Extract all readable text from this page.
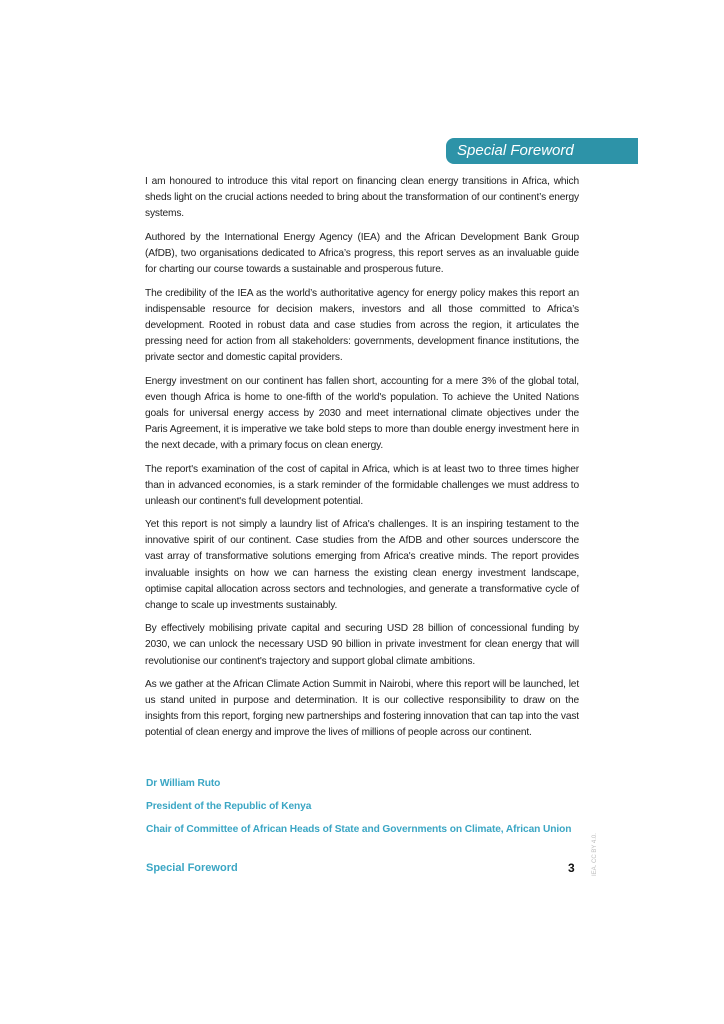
Special Foreword

I am honoured to introduce this vital report on financing clean energy transitions in Africa, which sheds light on the crucial actions needed to bring about the transformation of our continent’s energy systems.

Authored by the International Energy Agency (IEA) and the African Development Bank Group (AfDB), two organisations dedicated to Africa’s progress, this report serves as an invaluable guide for charting our course towards a sustainable and prosperous future.

The credibility of the IEA as the world’s authoritative agency for energy policy makes this report an indispensable resource for decision makers, investors and all those committed to Africa’s development. Rooted in robust data and case studies from across the region, it articulates the pressing need for action from all stakeholders: governments, development finance institutions, the private sector and domestic capital providers.

Energy investment on our continent has fallen short, accounting for a mere 3% of the global total, even though Africa is home to one-fifth of the world's population. To achieve the United Nations goals for universal energy access by 2030 and meet international climate objectives under the Paris Agreement, it is imperative we take bold steps to more than double energy investment here in the next decade, with a primary focus on clean energy.

The report's examination of the cost of capital in Africa, which is at least two to three times higher than in advanced economies, is a stark reminder of the formidable challenges we must address to unleash our continent's full development potential.

Yet this report is not simply a laundry list of Africa's challenges. It is an inspiring testament to the innovative spirit of our continent. Case studies from the AfDB and other sources underscore the vast array of transformative solutions emerging from Africa's creative minds. The report provides invaluable insights on how we can harness the existing clean energy investment landscape, optimise capital allocation across sectors and technologies, and generate a transformative cycle of change to scale up investments sustainably.

By effectively mobilising private capital and securing USD 28 billion of concessional funding by 2030, we can unlock the necessary USD 90 billion in private investment for clean energy that will revolutionise our continent's trajectory and support global climate ambitions.

As we gather at the African Climate Action Summit in Nairobi, where this report will be launched, let us stand united in purpose and determination. It is our collective responsibility to draw on the insights from this report, forging new partnerships and fostering innovation that can tap into the vast potential of clean energy and improve the lives of millions of people across our continent.

Dr William Ruto
President of the Republic of Kenya
Chair of Committee of African Heads of State and Governments on Climate, African Union
Special Foreword	3	IEA. CC BY 4.0.
